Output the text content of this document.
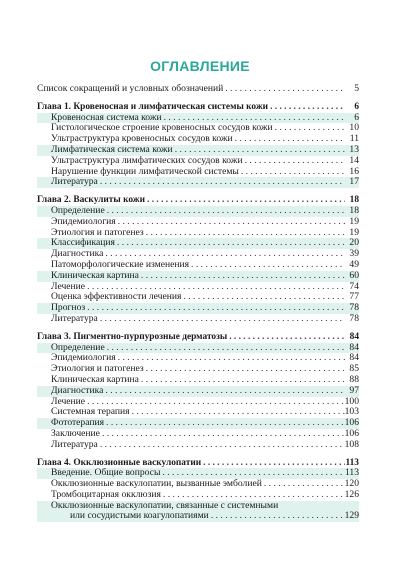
ОГЛАВЛЕНИЕ
Список сокращений и условных обозначений . . .	5
Глава 1. Кровеносная и лимфатическая системы кожи . . .	6
Кровеносная система кожи . . .	6
Гистологическое строение кровеносных сосудов кожи . . .	10
Ультраструктура кровеносных сосудов кожи . . .	11
Лимфатическая система кожи . . .	13
Ультраструктура лимфатических сосудов кожи . . .	14
Нарушение функции лимфатической системы . . .	16
Литература . . .	17
Глава 2. Васкулиты кожи . . .	18
Определение . . .	18
Эпидемиология . . .	19
Этиология и патогенез . . .	19
Классификация . . .	20
Диагностика . . .	39
Патоморфологические изменения . . .	49
Клиническая картина . . .	60
Лечение . . .	74
Оценка эффективности лечения . . .	77
Прогноз . . .	78
Литература . . .	78
Глава 3. Пигментно-пурпурозные дерматозы . . .	84
Определение . . .	84
Эпидемиология . . .	84
Этиология и патогенез . . .	85
Клиническая картина . . .	88
Диагностика . . .	97
Лечение . . .	100
Системная терапия . . .	103
Фототерапия . . .	106
Заключение . . .	106
Литература . . .	108
Глава 4. Окклюзионные васкулопатии . . .	113
Введение. Общие вопросы . . .	113
Окклюзионные васкулопатии, вызванные эмболией . . .	120
Тромбоцитарная окклюзия . . .	126
Окклюзионные васкулопатии, связанные с системными
или сосудистыми коагулопатиями . . .	129
